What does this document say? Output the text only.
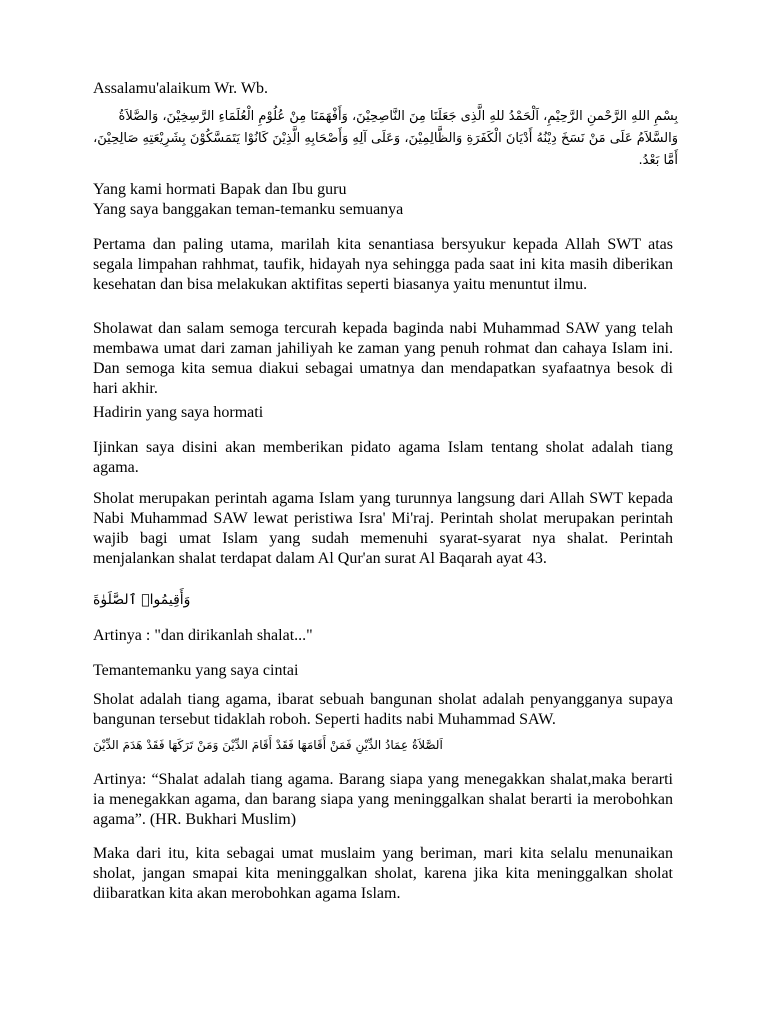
Assalamu'alaikum Wr. Wb.

بِسْمِ اللهِ الرَّحْمنِ الرَّحِيْمِ، اَلْحَمْدُ للهِ الَّذِى جَعَلَنَا مِنَ النَّاصِحِيْنَ، وَأَفْهَمَنَا مِنْ عُلُوْمِ الْعُلَمَاءِ الرَّسِخِيْنَ، وَالصَّلاَةُ وَالسَّلاَمُ عَلَى مَنْ نَسَخَ دِيْنُهُ أَدْيَانَ الْكَفَرَةِ وَالظَّالِمِيْنَ، وَعَلَى آلِهِ وَأَصْحَابِهِ الَّذِيْنَ كَانُوْا يَتَمَسَّكُوْنَ بِشَرِيْعَتِهِ صَالِحِيْنَ، أَمَّا بَعْدُ.

Yang kami hormati Bapak dan Ibu guru

Yang saya banggakan teman-temanku semuanya

Pertama dan paling utama, marilah kita senantiasa bersyukur kepada Allah SWT atas segala limpahan rahhmat, taufik, hidayah nya sehingga pada saat ini kita masih diberikan kesehatan dan bisa melakukan aktifitas seperti biasanya yaitu menuntut ilmu.

Sholawat dan salam semoga tercurah kepada baginda nabi Muhammad SAW yang telah membawa umat dari zaman jahiliyah ke zaman yang penuh rohmat dan cahaya Islam ini. Dan semoga kita semua diakui sebagai umatnya dan mendapatkan syafaatnya besok di hari akhir.

Hadirin yang saya hormati

Ijinkan saya disini akan memberikan pidato agama Islam tentang sholat adalah tiang agama.

Sholat merupakan perintah agama Islam yang turunnya langsung dari Allah SWT kepada Nabi Muhammad SAW lewat peristiwa Isra' Mi'raj. Perintah sholat merupakan perintah wajib bagi umat Islam yang sudah memenuhi syarat-syarat nya shalat. Perintah menjalankan shalat terdapat dalam Al Qur'an surat Al Baqarah ayat 43.

وَأَقِيمُوا۟ ٱلصَّلَوٰةَ

Artinya : "dan dirikanlah shalat..."

Temantemanku yang saya cintai

Sholat adalah tiang agama, ibarat sebuah bangunan sholat adalah penyangganya supaya bangunan tersebut tidaklah roboh. Seperti hadits nabi Muhammad SAW.

اَلصَّلاَةُ عِمَادُ الدِّيْنِ فَمَنْ أَقَامَهَا فَقَدْ أَقَامَ الدِّيْنَ وَمَنْ تَرَكَهَا فَقَدْ هَدَمَ الدِّيْنَ

Artinya: “Shalat adalah tiang agama. Barang siapa yang menegakkan shalat,maka berarti ia menegakkan agama, dan barang siapa yang meninggalkan shalat berarti ia merobohkan agama”. (HR. Bukhari Muslim)

Maka dari itu, kita sebagai umat muslaim yang beriman, mari kita selalu menunaikan sholat, jangan smapai kita meninggalkan sholat, karena jika kita meninggalkan sholat diibaratkan kita akan merobohkan agama Islam.
